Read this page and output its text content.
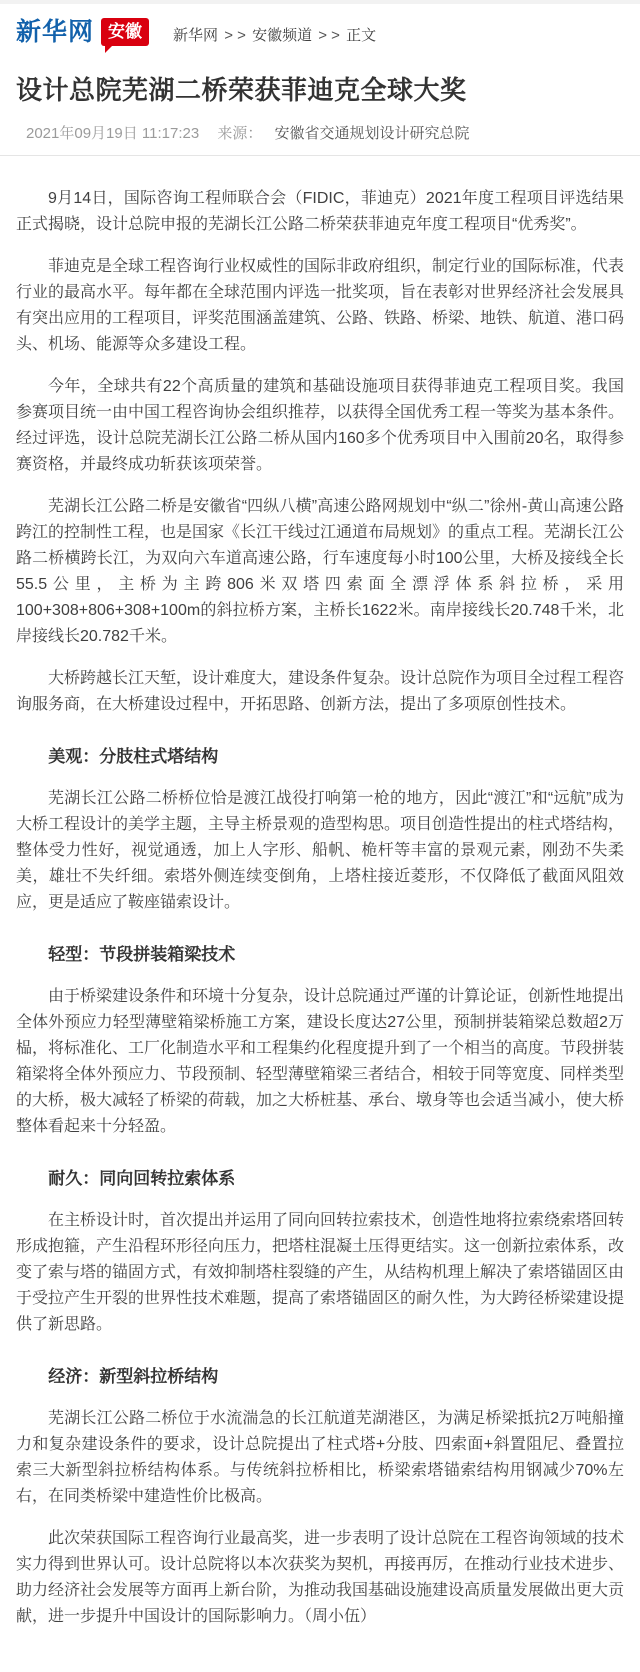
新华网 安徽	新华网 > > 安徽频道 > > 正文
设计总院芜湖二桥荣获菲迪克全球大奖
2021年09月19日 11:17:23 来源： 安徽省交通规划设计研究总院

9月14日，国际咨询工程师联合会（FIDIC，菲迪克）2021年度工程项目评选结果正式揭晓，设计总院申报的芜湖长江公路二桥荣获菲迪克年度工程项目“优秀奖”。

菲迪克是全球工程咨询行业权威性的国际非政府组织，制定行业的国际标准，代表行业的最高水平。每年都在全球范围内评选一批奖项，旨在表彰对世界经济社会发展具有突出应用的工程项目，评奖范围涵盖建筑、公路、铁路、桥梁、地铁、航道、港口码头、机场、能源等众多建设工程。

今年，全球共有22个高质量的建筑和基础设施项目获得菲迪克工程项目奖。我国参赛项目统一由中国工程咨询协会组织推荐，以获得全国优秀工程一等奖为基本条件。经过评选，设计总院芜湖长江公路二桥从国内160多个优秀项目中入围前20名，取得参赛资格，并最终成功斩获该项荣誉。

芜湖长江公路二桥是安徽省“四纵八横”高速公路网规划中“纵二”徐州-黄山高速公路跨江的控制性工程，也是国家《长江干线过江通道布局规划》的重点工程。芜湖长江公路二桥横跨长江，为双向六车道高速公路，行车速度每小时100公里，大桥及接线全长55.5公里，主桥为主跨806米双塔四索面全漂浮体系斜拉桥，采用100+308+806+308+100m的斜拉桥方案，主桥长1622米。南岸接线长20.748千米，北岸接线长20.782千米。

大桥跨越长江天堑，设计难度大，建设条件复杂。设计总院作为项目全过程工程咨询服务商，在大桥建设过程中，开拓思路、创新方法，提出了多项原创性技术。

美观：分肢柱式塔结构

芜湖长江公路二桥桥位恰是渡江战役打响第一枪的地方，因此“渡江”和“远航”成为大桥工程设计的美学主题，主导主桥景观的造型构思。项目创造性提出的柱式塔结构，整体受力性好，视觉通透，加上人字形、船帆、桅杆等丰富的景观元素，刚劲不失柔美，雄壮不失纤细。索塔外侧连续变倒角，上塔柱接近菱形，不仅降低了截面风阻效应，更是适应了鞍座锚索设计。

轻型：节段拼装箱梁技术

由于桥梁建设条件和环境十分复杂，设计总院通过严谨的计算论证，创新性地提出全体外预应力轻型薄壁箱梁桥施工方案，建设长度达27公里，预制拼装箱梁总数超2万榀，将标准化、工厂化制造水平和工程集约化程度提升到了一个相当的高度。节段拼装箱梁将全体外预应力、节段预制、轻型薄壁箱梁三者结合，相较于同等宽度、同样类型的大桥，极大减轻了桥梁的荷载，加之大桥桩基、承台、墩身等也会适当减小，使大桥整体看起来十分轻盈。

耐久：同向回转拉索体系

在主桥设计时，首次提出并运用了同向回转拉索技术，创造性地将拉索绕索塔回转形成抱箍，产生沿程环形径向压力，把塔柱混凝土压得更结实。这一创新拉索体系，改变了索与塔的锚固方式，有效抑制塔柱裂缝的产生，从结构机理上解决了索塔锚固区由于受拉产生开裂的世界性技术难题，提高了索塔锚固区的耐久性，为大跨径桥梁建设提供了新思路。

经济：新型斜拉桥结构

芜湖长江公路二桥位于水流湍急的长江航道芜湖港区，为满足桥梁抵抗2万吨船撞力和复杂建设条件的要求，设计总院提出了柱式塔+分肢、四索面+斜置阻尼、叠置拉索三大新型斜拉桥结构体系。与传统斜拉桥相比，桥梁索塔锚索结构用钢减少70%左右，在同类桥梁中建造性价比极高。

此次荣获国际工程咨询行业最高奖，进一步表明了设计总院在工程咨询领域的技术实力得到世界认可。设计总院将以本次获奖为契机，再接再厉，在推动行业技术进步、助力经济社会发展等方面再上新台阶，为推动我国基础设施建设高质量发展做出更大贡献，进一步提升中国设计的国际影响力。（周小伍）
